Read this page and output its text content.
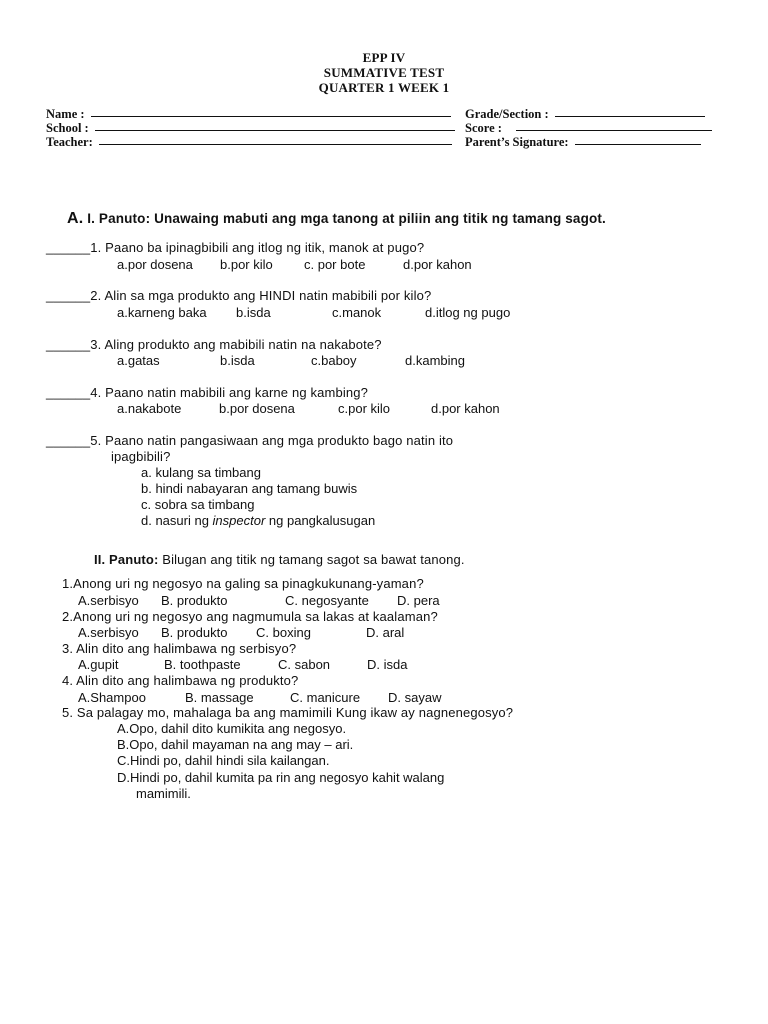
EPP IV
SUMMATIVE TEST
QUARTER 1 WEEK 1
Name :	Grade/Section :
School :	Score :
Teacher:	Parent’s Signature:
A. I. Panuto: Unawaing mabuti ang mga tanong at piliin ang titik ng tamang sagot.
______1. Paano ba ipinagbibili ang itlog ng itik, manok at pugo?
a.por dosena b.por kilo c. por bote	d.por kahon
______2. Alin sa mga produkto ang HINDI natin mabibili por kilo?
a.karneng baka b.isda	c.manok	d.itlog ng pugo
______3. Aling produkto ang mabibili natin na nakabote?
a.gatas	b.isda	c.baboy	d.kambing
______4. Paano natin mabibili ang karne ng kambing?
a.nakabote	b.por dosena	c.por kilo	d.por kahon
______5. Paano natin pangasiwaan ang mga produkto bago natin ito
ipagbibili?
a. kulang sa timbang
b. hindi nabayaran ang tamang buwis
c. sobra sa timbang
d. nasuri ng inspector ng pangkalusugan
II. Panuto: Bilugan ang titik ng tamang sagot sa bawat tanong.
1.Anong uri ng negosyo na galing sa pinagkukunang-yaman?
A.serbisyo B. produkto	C. negosyante D. pera
2.Anong uri ng negosyo ang nagmumula sa lakas at kaalaman?
A.serbisyo B. produkto C. boxing	D. aral
3. Alin dito ang halimbawa ng serbisyo?
A.gupit	B. toothpaste	C. sabon	D. isda
4. Alin dito ang halimbawa ng produkto?
A.Shampoo	B. massage	C. manicure D. sayaw
5. Sa palagay mo, mahalaga ba ang mamimili Kung ikaw ay nagnenegosyo?
A.Opo, dahil dito kumikita ang negosyo.
B.Opo, dahil mayaman na ang may – ari.
C.Hindi po, dahil hindi sila kailangan.
D.Hindi po, dahil kumita pa rin ang negosyo kahit walang
mamimili.
